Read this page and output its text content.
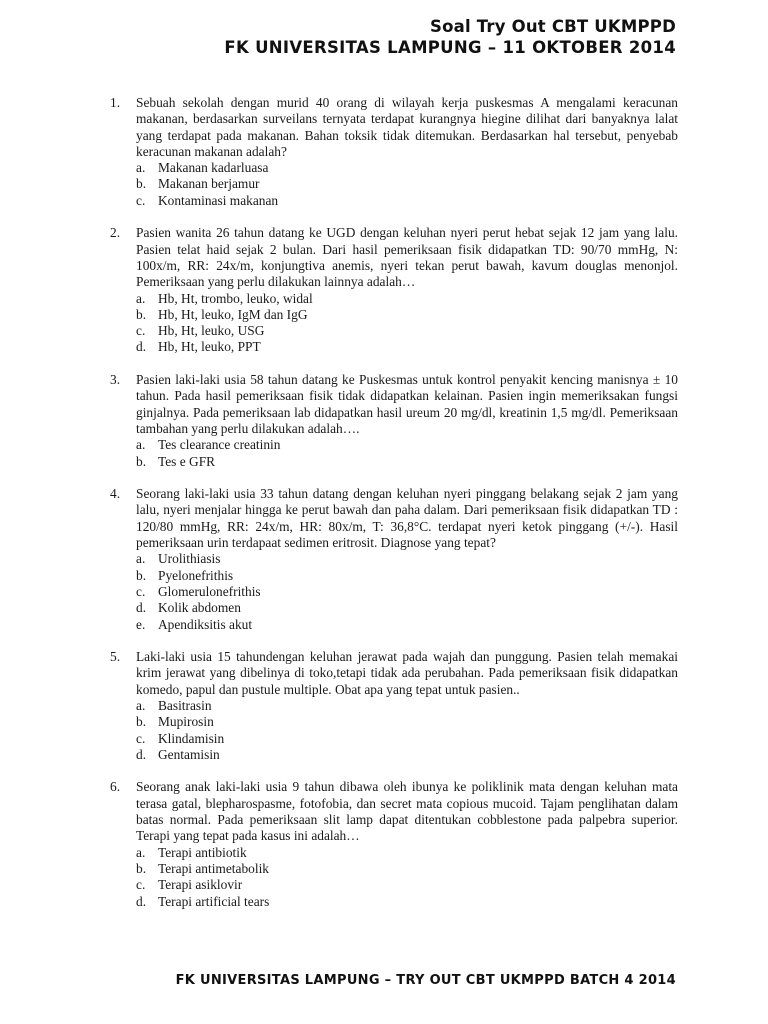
Soal Try Out CBT UKMPPD
FK UNIVERSITAS LAMPUNG – 11 OKTOBER 2014
1. Sebuah sekolah dengan murid 40 orang di wilayah kerja puskesmas A mengalami keracunan makanan, berdasarkan surveilans ternyata terdapat kurangnya hiegine dilihat dari banyaknya lalat yang terdapat pada makanan. Bahan toksik tidak ditemukan. Berdasarkan hal tersebut, penyebab keracunan makanan adalah?
a. Makanan kadarluasa
b. Makanan berjamur
c. Kontaminasi makanan
2. Pasien wanita 26 tahun datang ke UGD dengan keluhan nyeri perut hebat sejak 12 jam yang lalu. Pasien telat haid sejak 2 bulan. Dari hasil pemeriksaan fisik didapatkan TD: 90/70 mmHg, N: 100x/m, RR: 24x/m, konjungtiva anemis, nyeri tekan perut bawah, kavum douglas menonjol. Pemeriksaan yang perlu dilakukan lainnya adalah…
a. Hb, Ht, trombo, leuko, widal
b. Hb, Ht, leuko, IgM dan IgG
c. Hb, Ht, leuko, USG
d. Hb, Ht, leuko, PPT
3. Pasien laki-laki usia 58 tahun datang ke Puskesmas untuk kontrol penyakit kencing manisnya ± 10 tahun. Pada hasil pemeriksaan fisik tidak didapatkan kelainan. Pasien ingin memeriksakan fungsi ginjalnya. Pada pemeriksaan lab didapatkan hasil ureum 20 mg/dl, kreatinin 1,5 mg/dl. Pemeriksaan tambahan yang perlu dilakukan adalah….
a. Tes clearance creatinin
b. Tes e GFR
4. Seorang laki-laki usia 33 tahun datang dengan keluhan nyeri pinggang belakang sejak 2 jam yang lalu, nyeri menjalar hingga ke perut bawah dan paha dalam. Dari pemeriksaan fisik didapatkan TD : 120/80 mmHg, RR: 24x/m, HR: 80x/m, T: 36,8°C. terdapat nyeri ketok pinggang (+/-). Hasil pemeriksaan urin terdapaat sedimen eritrosit. Diagnose yang tepat?
a. Urolithiasis
b. Pyelonefrithis
c. Glomerulonefrithis
d. Kolik abdomen
e. Apendiksitis akut
5. Laki-laki usia 15 tahundengan keluhan jerawat pada wajah dan punggung. Pasien telah memakai krim jerawat yang dibelinya di toko,tetapi tidak ada perubahan. Pada pemeriksaan fisik didapatkan komedo, papul dan pustule multiple. Obat apa yang tepat untuk pasien..
a. Basitrasin
b. Mupirosin
c. Klindamisin
d. Gentamisin
6. Seorang anak laki-laki usia 9 tahun dibawa oleh ibunya ke poliklinik mata dengan keluhan mata terasa gatal, blepharospasme, fotofobia, dan secret mata copious mucoid. Tajam penglihatan dalam batas normal. Pada pemeriksaan slit lamp dapat ditentukan cobblestone pada palpebra superior. Terapi yang tepat pada kasus ini adalah…
a. Terapi antibiotik
b. Terapi antimetabolik
c. Terapi asiklovir
d. Terapi artificial tears
FK UNIVERSITAS LAMPUNG – TRY OUT CBT UKMPPD BATCH 4 2014
